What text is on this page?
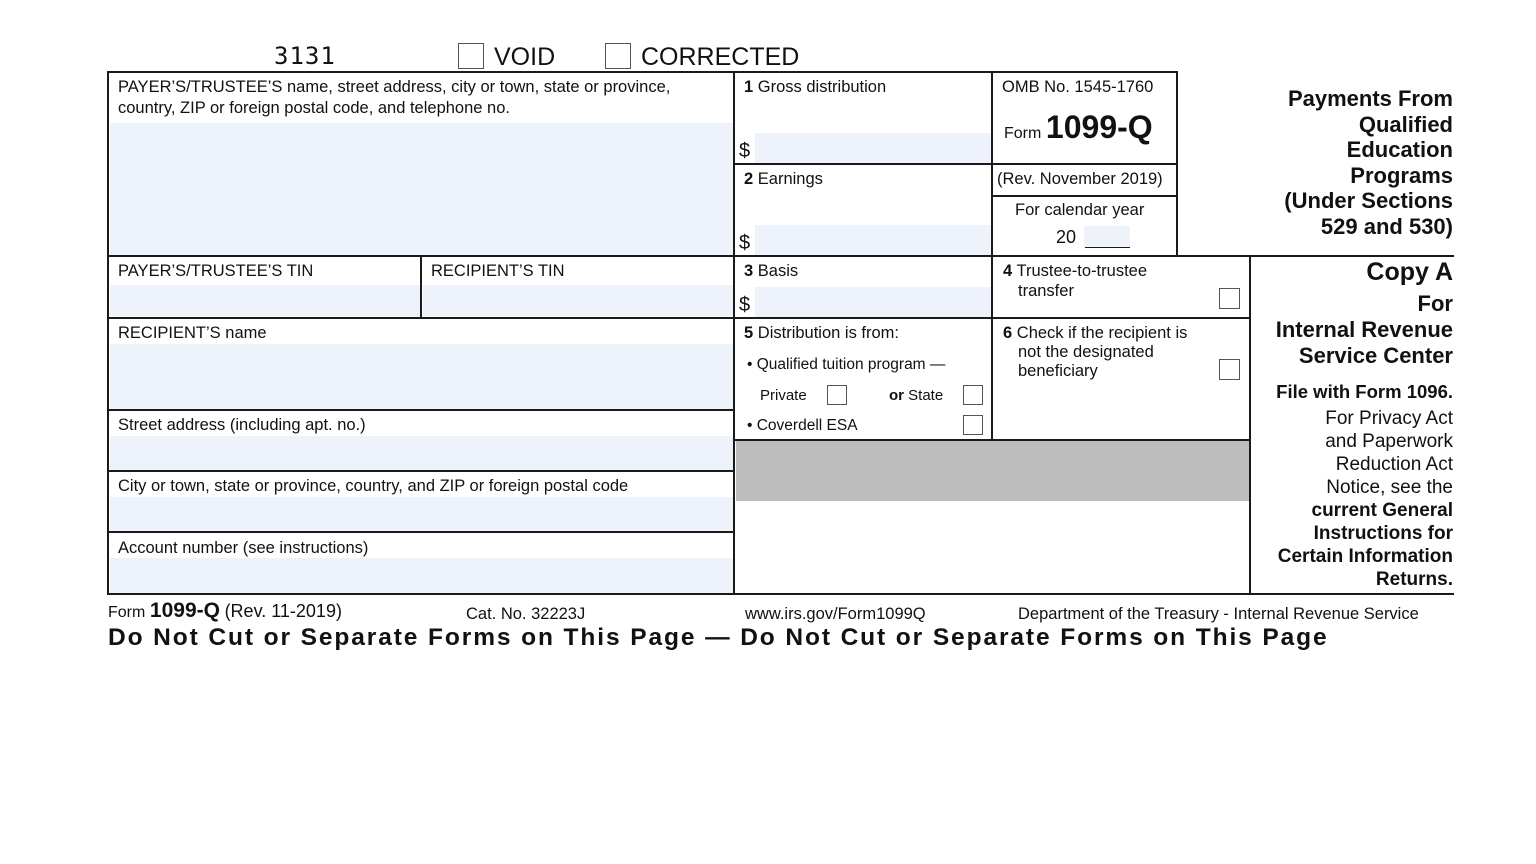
3131	VOID	CORRECTED
PAYER’S/TRUSTEE’S name, street address, city or town, state or province,
country, ZIP or foreign postal code, and telephone no.
PAYER’S/TRUSTEE’S TIN	RECIPIENT’S TIN
RECIPIENT’S name
Street address (including apt. no.)
City or town, state or province, country, and ZIP or foreign postal code
Account number (see instructions)
1 Gross distribution
$
2 Earnings
$
3 Basis
$
5 Distribution is from:
• Qualified tuition program —
Private	or State
• Coverdell ESA
4 Trustee-to-trustee
transfer
6 Check if the recipient is
not the designated
beneficiary
OMB No. 1545-1760
Form 1099-Q
(Rev. November 2019)
For calendar year
20
Payments From
Qualified
Education
Programs
(Under Sections
529 and 530)
Copy A
For
Internal Revenue
Service Center
File with Form 1096.
For Privacy Act
and Paperwork
Reduction Act
Notice, see the
current General
Instructions for
Certain Information
Returns.
Form 1099-Q (Rev. 11-2019)	Cat. No. 32223J	www.irs.gov/Form1099Q	Department of the Treasury - Internal Revenue Service
Do Not Cut or Separate Forms on This Page — Do Not Cut or Separate Forms on This Page
